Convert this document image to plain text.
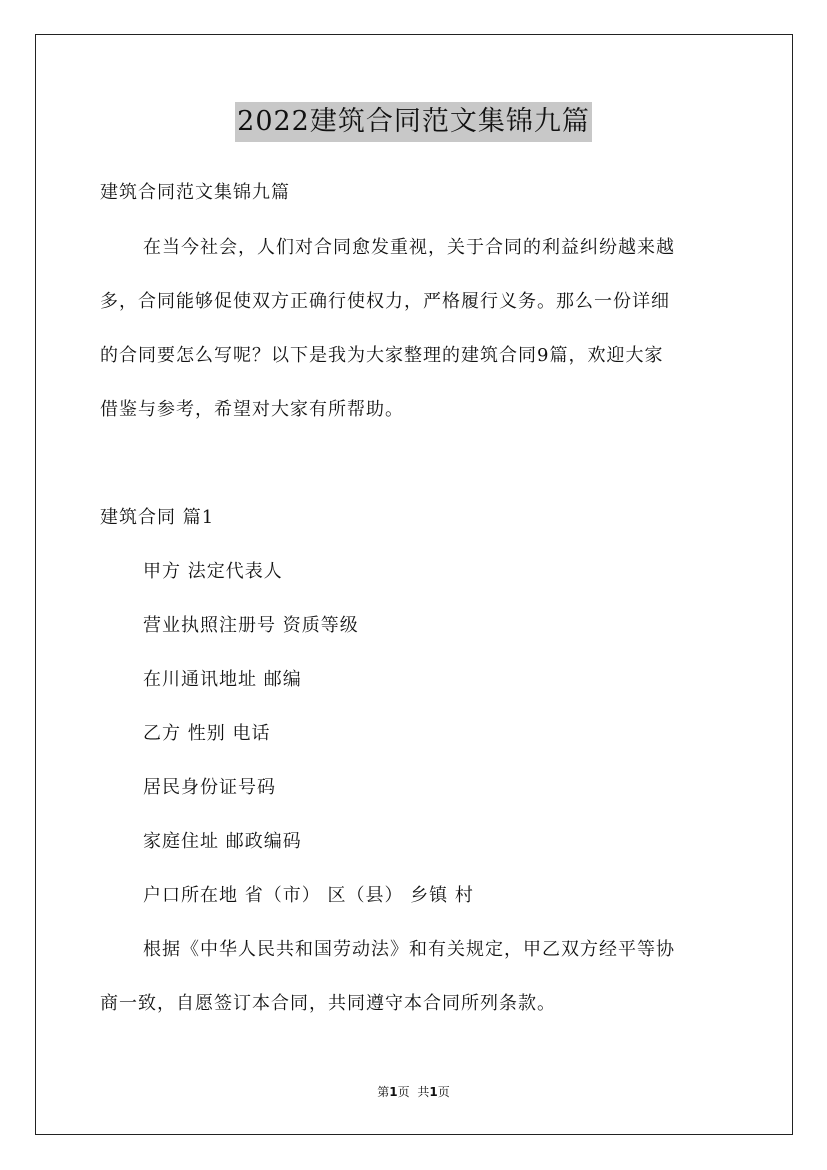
2022建筑合同范文集锦九篇
建筑合同范文集锦九篇
在当今社会，人们对合同愈发重视，关于合同的利益纠纷越来越
多，合同能够促使双方正确行使权力，严格履行义务。那么一份详细
的合同要怎么写呢？以下是我为大家整理的建筑合同9篇，欢迎大家
借鉴与参考，希望对大家有所帮助。
建筑合同 篇1
甲方 法定代表人
营业执照注册号 资质等级
在川通讯地址 邮编
乙方 性别 电话
居民身份证号码
家庭住址 邮政编码
户口所在地 省（市） 区（县） 乡镇 村
根据《中华人民共和国劳动法》和有关规定，甲乙双方经平等协
商一致，自愿签订本合同，共同遵守本合同所列条款。
第1页 共1页
